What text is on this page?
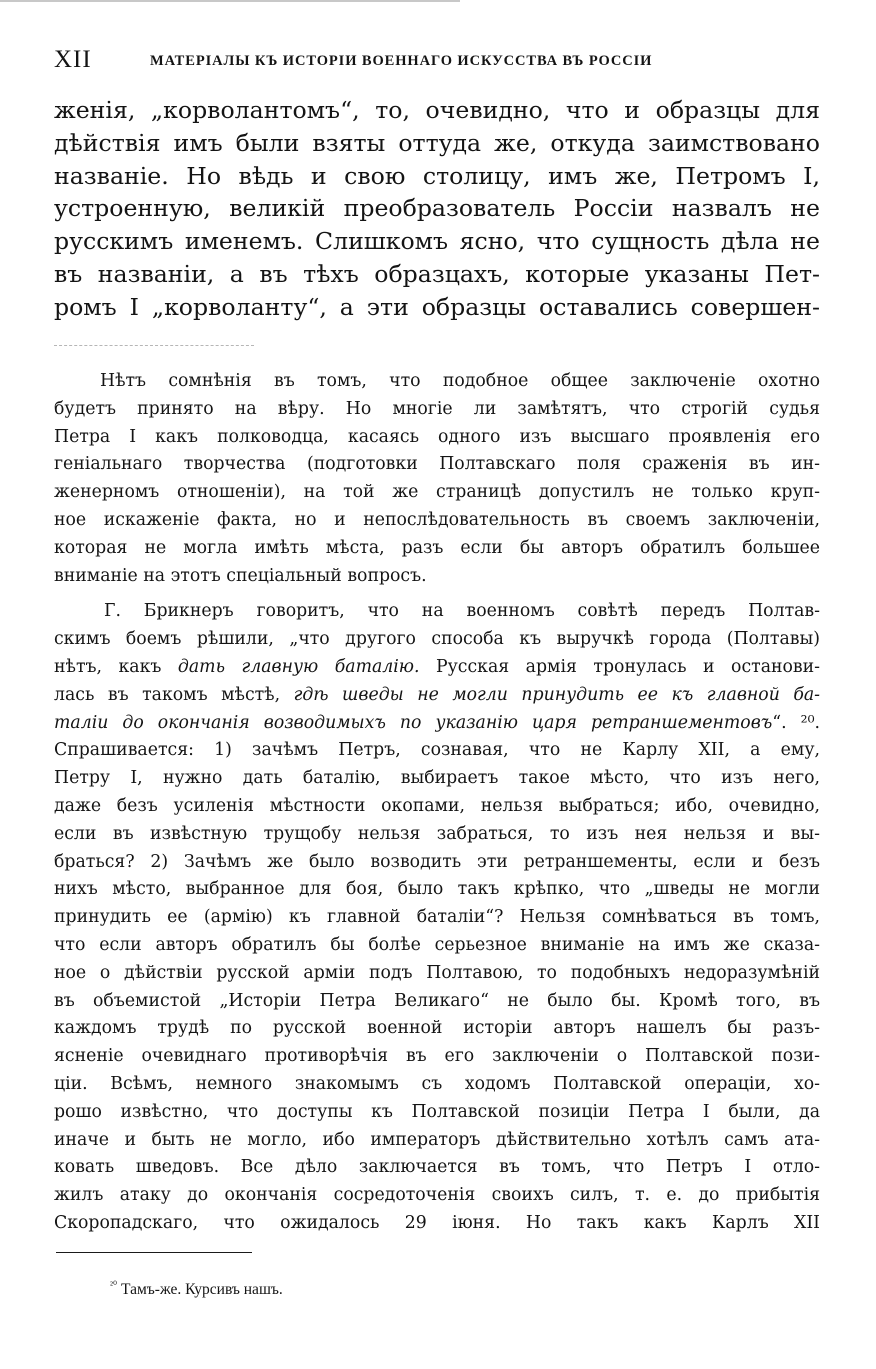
XII	МАТЕРІАЛЫ КЪ ИСТОРІИ ВОЕННАГО ИСКУССТВА ВЪ РОССІИ
женія, „корволантомъ“, то, очевидно, что и образцы для
дѣйствія имъ были взяты оттуда же, откуда заимствовано
названіе. Но вѣдь и свою столицу, имъ же, Петромъ I,
устроенную, великій преобразователь Россіи назвалъ не
русскимъ именемъ. Слишкомъ ясно, что сущность дѣла не
въ названіи, а въ тѣхъ образцахъ, которые указаны Пет-
ромъ I „корволанту“, а эти образцы оставались совершен-
Нѣтъ сомнѣнія въ томъ, что подобное общее заключеніе охотно
будетъ принято на вѣру. Но многіе ли замѣтятъ, что строгій судья
Петра I какъ полководца, касаясь одного изъ высшаго проявленія его
геніальнаго творчества (подготовки Полтавскаго поля сраженія въ ин-
женерномъ отношеніи), на той же страницѣ допустилъ не только круп-
ное искаженіе факта, но и непослѣдовательность въ своемъ заключеніи,
которая не могла имѣть мѣста, разъ если бы авторъ обратилъ большее
вниманіе на этотъ спеціальный вопросъ.
Г. Брикнеръ говоритъ, что на военномъ совѣтѣ передъ Полтав-
скимъ боемъ рѣшили, „что другого способа къ выручкѣ города (Полтавы)
нѣтъ, какъ дать главную баталію. Русская армія тронулась и останови-
лась въ такомъ мѣстѣ, гдѣ шведы не могли принудить ее къ главной ба-
таліи до окончанія возводимыхъ по указанію царя ретраншементовъ“. ²⁰.
Спрашивается: 1) зачѣмъ Петръ, сознавая, что не Карлу XII, а ему,
Петру I, нужно дать баталію, выбираетъ такое мѣсто, что изъ него,
даже безъ усиленія мѣстности окопами, нельзя выбраться; ибо, очевидно,
если въ извѣстную трущобу нельзя забраться, то изъ нея нельзя и вы-
браться? 2) Зачѣмъ же было возводить эти ретраншементы, если и безъ
нихъ мѣсто, выбранное для боя, было такъ крѣпко, что „шведы не могли
принудить ее (армію) къ главной баталіи“? Нельзя сомнѣваться въ томъ,
что если авторъ обратилъ бы болѣе серьезное вниманіе на имъ же сказа-
ное о дѣйствіи русской арміи подъ Полтавою, то подобныхъ недоразумѣній
въ объемистой „Исторіи Петра Великаго“ не было бы. Кромѣ того, въ
каждомъ трудѣ по русской военной исторіи авторъ нашелъ бы разъ-
ясненіе очевиднаго противорѣчія въ его заключеніи о Полтавской пози-
ціи. Всѣмъ, немного знакомымъ съ ходомъ Полтавской операціи, хо-
рошо извѣстно, что доступы къ Полтавской позиціи Петра I были, да
иначе и быть не могло, ибо императоръ дѣйствительно хотѣлъ самъ ата-
ковать шведовъ. Все дѣло заключается въ томъ, что Петръ I отло-
жилъ атаку до окончанія сосредоточенія своихъ силъ, т. е. до прибытія
Скоропадскаго, что ожидалось 29 іюня. Но такъ какъ Карлъ XII
$^{^{20}}$ Тамъ-же. Курсивъ нашъ.
